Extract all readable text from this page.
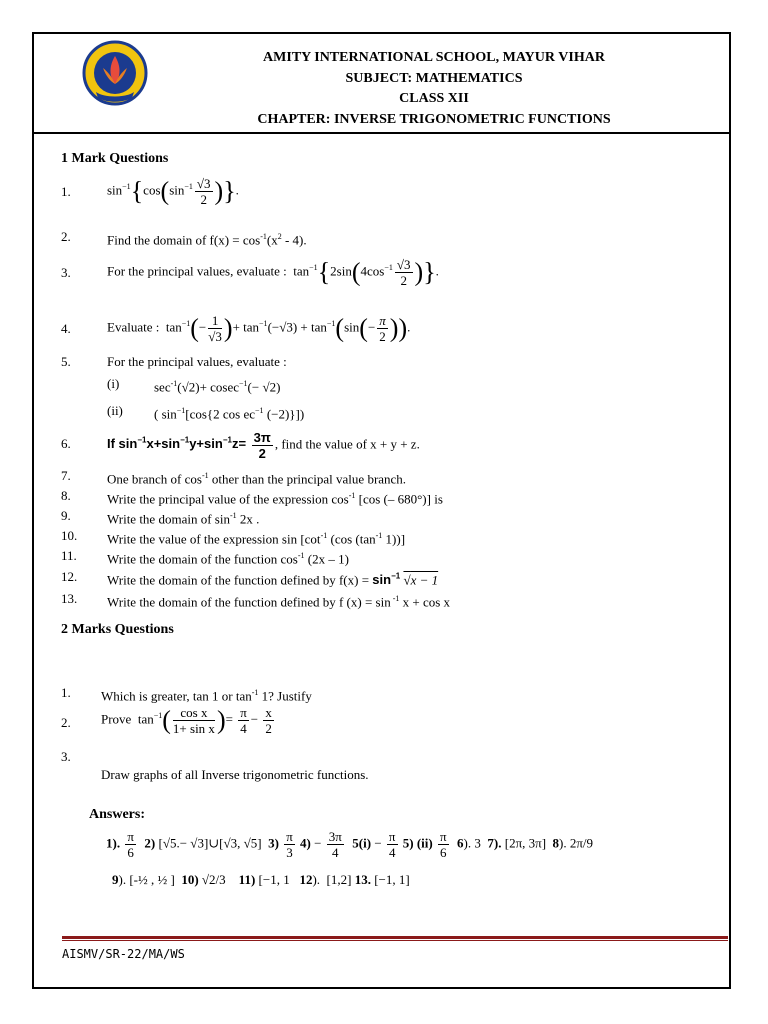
AMITY INTERNATIONAL SCHOOL, MAYUR VIHAR
SUBJECT: MATHEMATICS
CLASS XII
CHAPTER: INVERSE TRIGONOMETRIC FUNCTIONS
1 Mark Questions
1.	$\sin^{-1}\{\cos(\sin^{-1} \frac{√3}{2}$ )}.
2.	Find the domain of $f(x) = \cos^{-1}(x^2 - 4)$.
3.	For the principal values, evaluate :  $\tan^{-1}\{2\sin(4\cos^{-1} \frac{√3}{2}$ )}.
4.	Evaluate :  $\tan^{-1}(- \frac{1}{√3}$ )+ $\tan^{-1}(-√3) + \tan^{-1}(\sin(- \frac{\pi}{2}$ )).
5.	For the principal values, evaluate :
(i)	$\sec^{-1}(√2)+ cosec^{-1}(- √2)$
(ii) ( $\sin^{-1}[\cos\{2$ $\cos ec^{-1}$ (−2)}])
6.	If $\sin^{-1}x+\sin^{-1}y+\sin^{-1}z= \frac{3\pi}{2}$ , find the value of x + y + z.
7.	One branch of $\cos^{-1}$ other than the principal value branch.
8.	Write the principal value of the expression $\cos^{-1} [\cos$ (– 680°)] is
9.	Write the domain of $\sin^{-1} 2x$ .
10. Write the value of the expression $\sin [\cot^{-1}$ (cos ($\tan^{-1}$ 1))]
11. Write the domain of the function $\cos^{-1} (2x - 1)$
12. Write the domain of the function defined by $f(x) = \sin^{-1} √x - 1$
13. Write the domain of the function defined by f (x) = sin $^{-1}$ x + cos x
2 Marks Questions
1. Which is greater, tan 1 or $\tan^{-1} 1$? Justify
2. Prove  $\tan^{-1}( \frac{\text{cos x}}{\text{1+ sin x}}$ )= $\frac{\pi}{4} - \frac{x}{2}$
3.
Draw graphs of all Inverse trigonometric functions.
Answers:
1). $\frac{\pi}{6} 2$) [√5.− √3]∪[√3, √5]  $3) \frac{\pi}{3} 4) - \frac{3\pi}{4} 5(i) - \frac{\pi}{4} 5$) $(ii) \frac{\pi}{6} 6$). 3  7). [2π, 3π]  8). 2π/9
9). [-½ , ½ ]  10) √2/3    11) [−1, 1   12).  [1,2] 13. [−1, 1]
AISMV/SR-22/MA/WS
